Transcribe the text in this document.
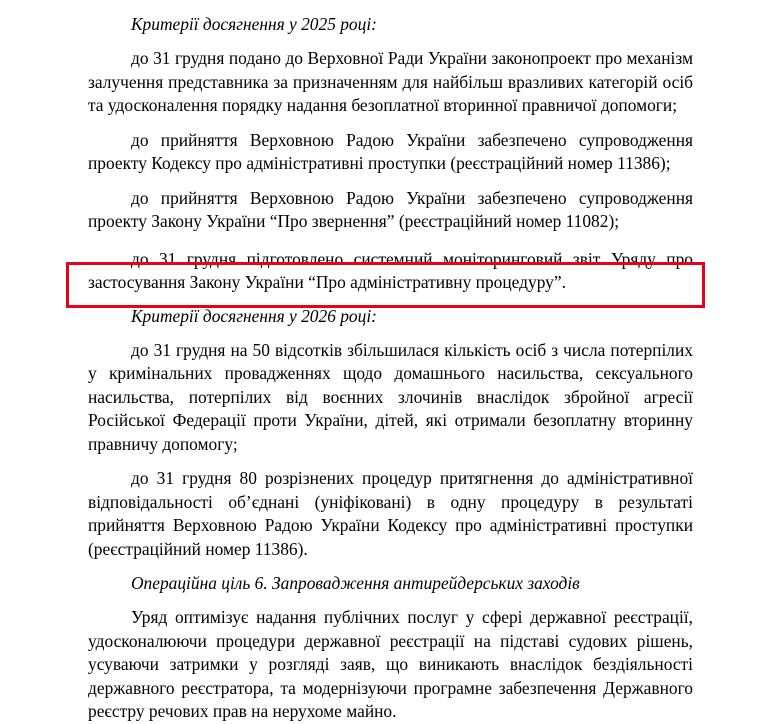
Критерії досягнення у 2025 році:

до 31 грудня подано до Верховної Ради України законопроект про механізм залучення представника за призначенням для найбільш вразливих категорій осіб та удосконалення порядку надання безоплатної вторинної правничої допомоги;

до прийняття Верховною Радою України забезпечено супроводження проекту Кодексу про адміністративні проступки (реєстраційний номер 11386);

до прийняття Верховною Радою України забезпечено супроводження проекту Закону України “Про звернення” (реєстраційний номер 11082);

до 31 грудня підготовлено системний моніторинговий звіт Уряду про застосування Закону України “Про адміністративну процедуру”.

Критерії досягнення у 2026 році:

до 31 грудня на 50 відсотків збільшилася кількість осіб з числа потерпілих у кримінальних провадженнях щодо домашнього насильства, сексуального насильства, потерпілих від воєнних злочинів внаслідок збройної агресії Російської Федерації проти України, дітей, які отримали безоплатну вторинну правничу допомогу;

до 31 грудня 80 розрізнених процедур притягнення до адміністративної відповідальності об’єднані (уніфіковані) в одну процедуру в результаті прийняття Верховною Радою України Кодексу про адміністративні проступки (реєстраційний номер 11386).

Операційна ціль 6. Запровадження антирейдерських заходів

Уряд оптимізує надання публічних послуг у сфері державної реєстрації, удосконалюючи процедури державної реєстрації на підставі судових рішень, усуваючи затримки у розгляді заяв, що виникають внаслідок бездіяльності державного реєстратора, та модернізуючи програмне забезпечення Державного реєстру речових прав на нерухоме майно.
